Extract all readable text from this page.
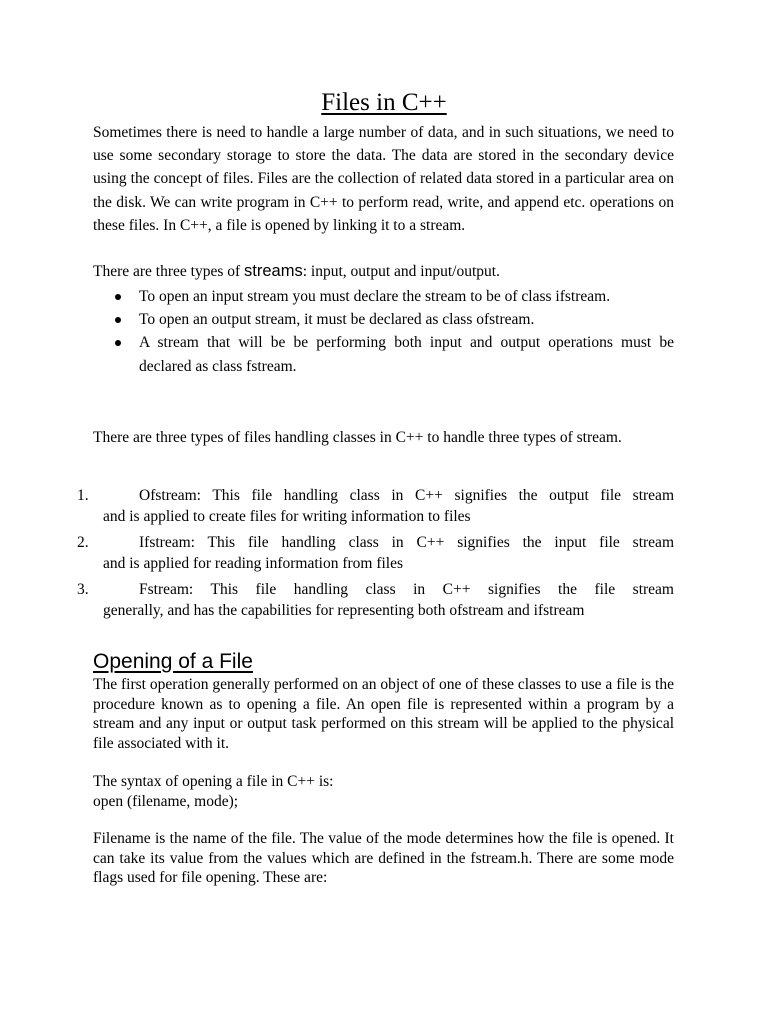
Files in C++

Sometimes there is need to handle a large number of data, and in such situations, we need to use some secondary storage to store the data. The data are stored in the secondary device using the concept of files. Files are the collection of related data stored in a particular area on the disk. We can write program in C++ to perform read, write, and append etc. operations on these files. In C++, a file is opened by linking it to a stream.

There are three types of streams: input, output and input/output.

To open an input stream you must declare the stream to be of class ifstream.
To open an output stream, it must be declared as class ofstream.
A stream that will be be performing both input and output operations must be declared as class fstream.

There are three types of files handling classes in C++ to handle three types of stream.

1.	Ofstream: This file handling class in C++ signifies the output file stream
and is applied to create files for writing information to files
2.	Ifstream: This file handling class in C++ signifies the input file stream
and is applied for reading information from files
3.	Fstream: This file handling class in C++ signifies the file stream
generally, and has the capabilities for representing both ofstream and ifstream
Opening of a File

The first operation generally performed on an object of one of these classes to use a file is the procedure known as to opening a file. An open file is represented within a program by a stream and any input or output task performed on this stream will be applied to the physical file associated with it.

The syntax of opening a file in C++ is:
open (filename, mode);

Filename is the name of the file. The value of the mode determines how the file is opened. It can take its value from the values which are defined in the fstream.h. There are some mode flags used for file opening. These are:
